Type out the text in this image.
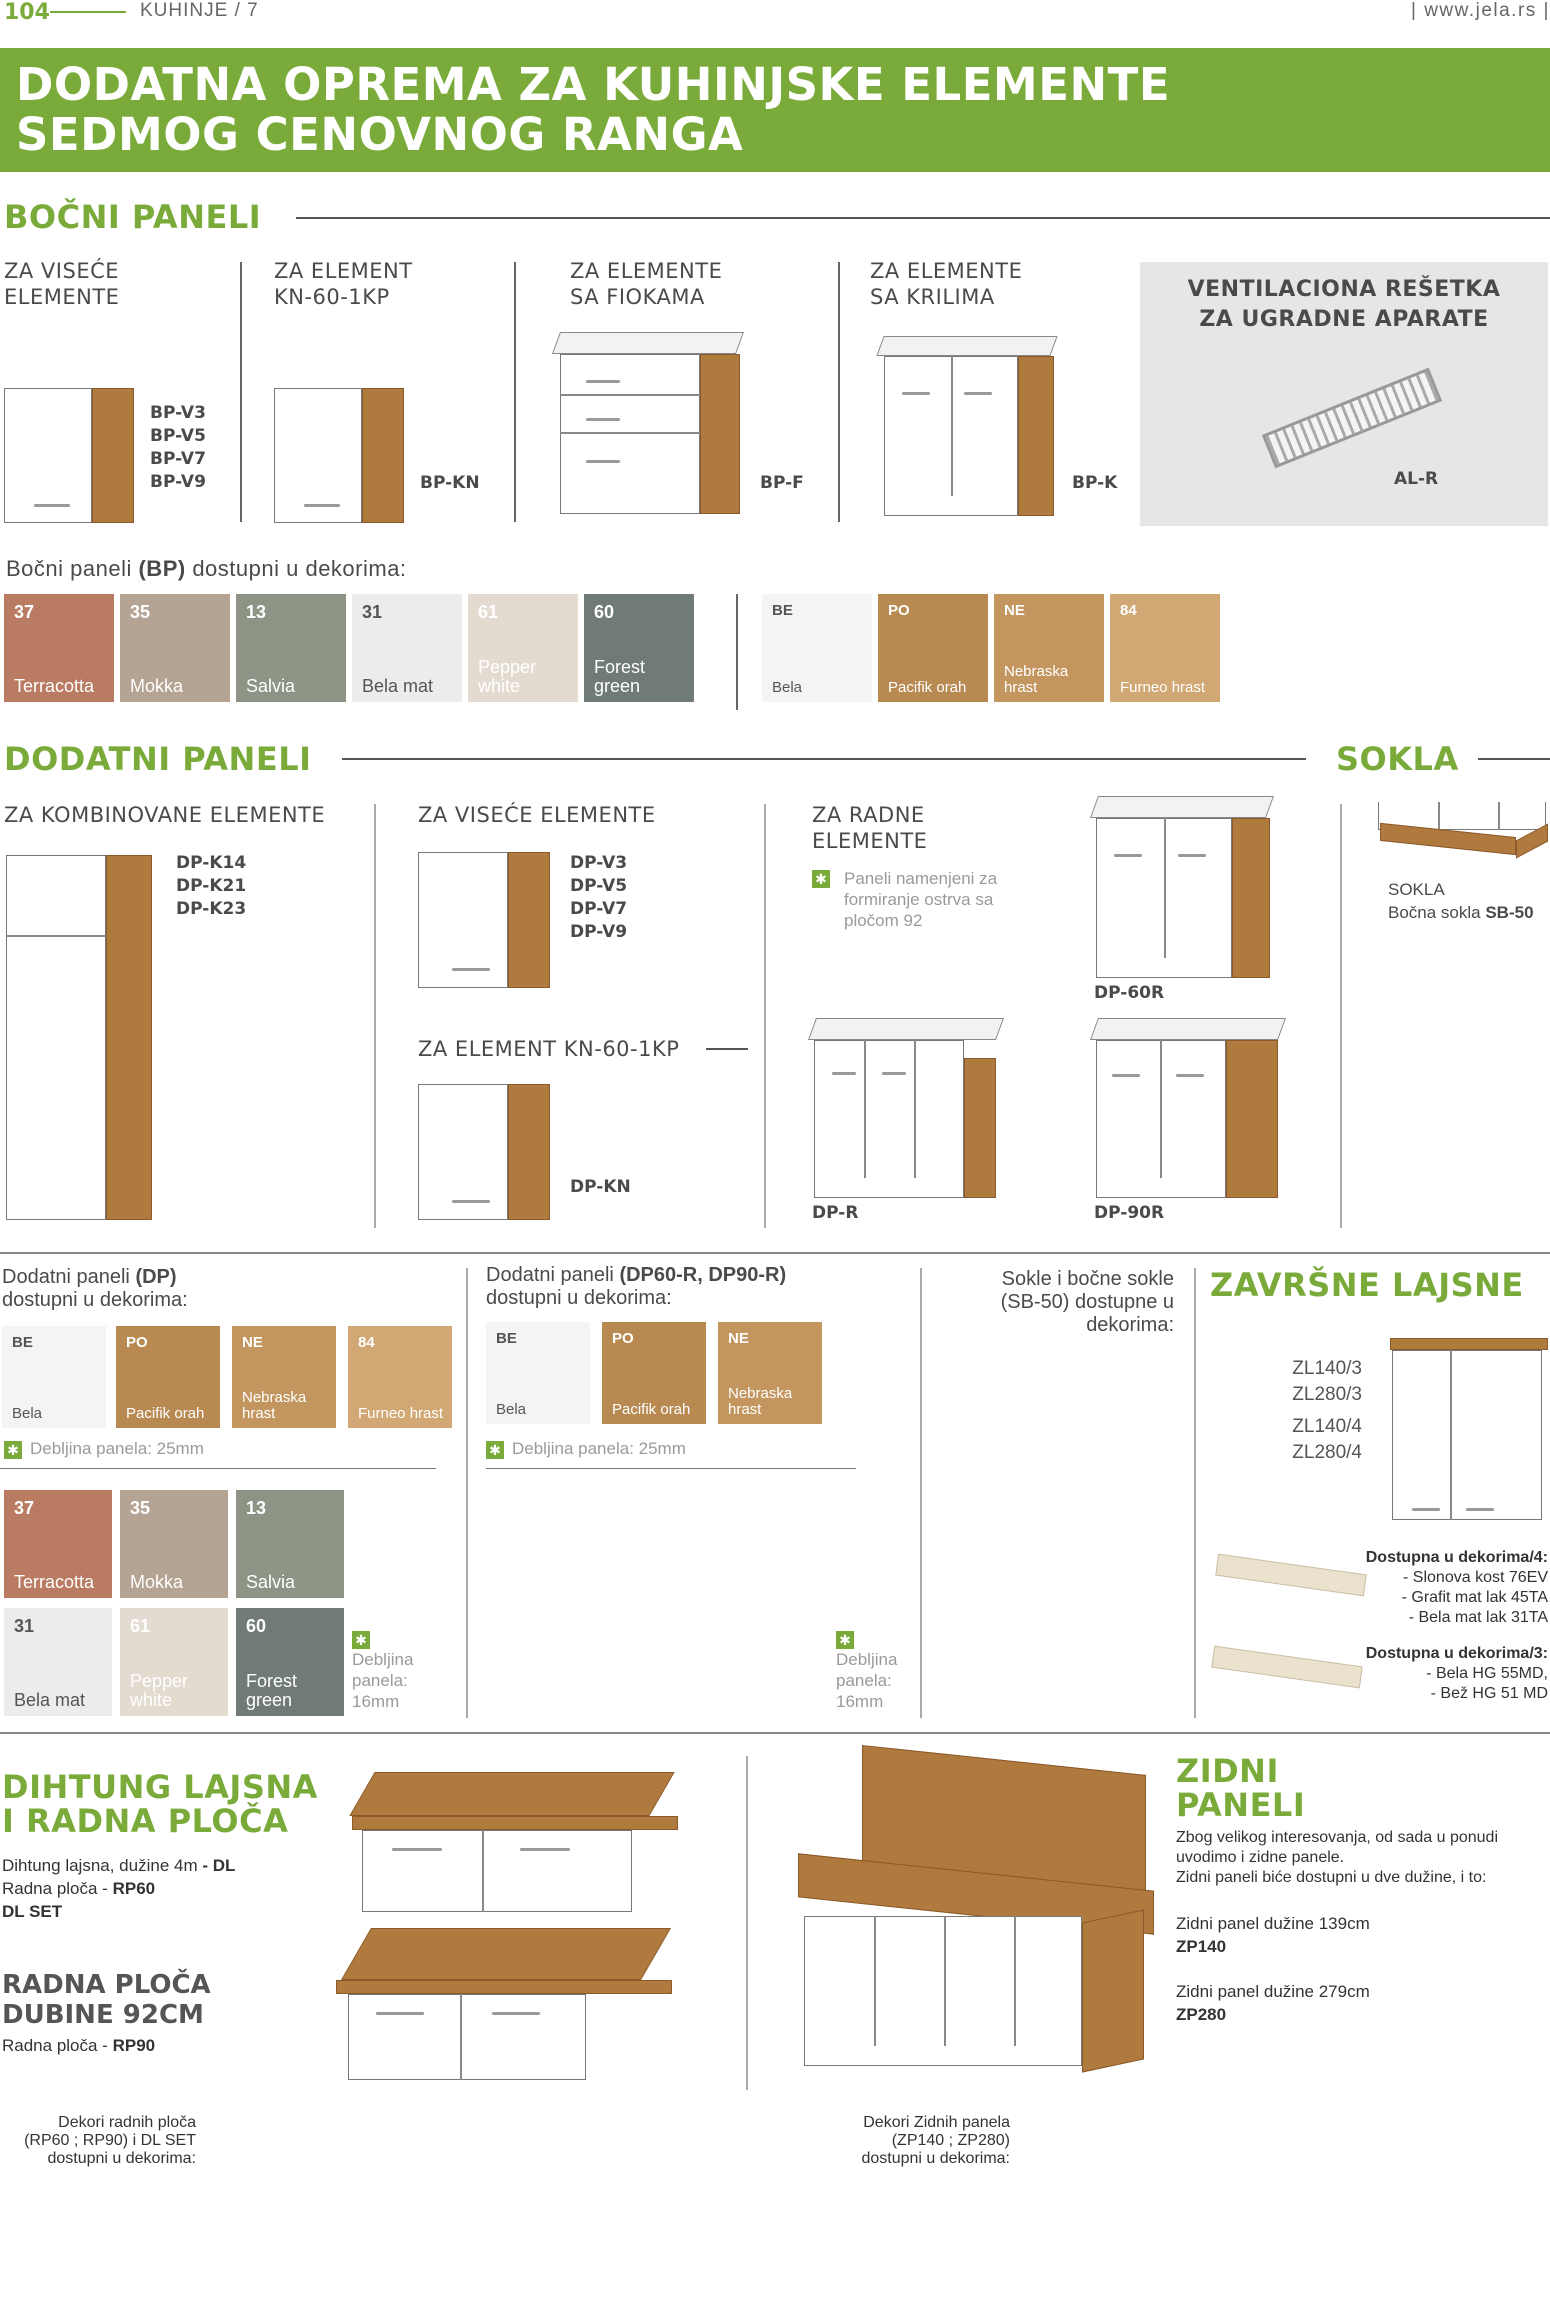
104	KUHINJE / 7	| www.jela.rs |
DODATNA OPREMA ZA KUHINJSKE ELEMENTE
SEDMOG CENOVNOG RANGA
BOČNI PANELI
ZA VISEĆE
ELEMENTE
ZA ELEMENT
KN-60-1KP
ZA ELEMENTE
SA FIOKAMA
ZA ELEMENTE
SA KRILIMA
BP-V3
BP-V5
BP-V7
BP-V9	BP-KN	BP-F	BP-K
VENTILACIONA REŠETKA
ZA UGRADNE APARATE
AL-R
Bočni paneli (BP) dostupni u dekorima:
37
Terracotta
35
Mokka
13
Salvia
31
Bela mat
61
Pepper white
60
Forest green
BE
Bela
PO
Pacifik orah
NE
Nebraska hrast
84
Furneo hrast
DODATNI PANELI	SOKLA
ZA KOMBINOVANE ELEMENTE	ZA VISEĆE ELEMENTE	ZA RADNE
ELEMENTE
DP-K14
DP-K21
DP-K23
DP-V3
DP-V5
DP-V7
DP-V9
ZA ELEMENT KN-60-1KP
DP-KN
✱ Paneli namenjeni za formiranje ostrva sa pločom 92
DP-60R
DP-R	DP-90R
SOKLA
Bočna sokla SB-50
Dodatni paneli (DP)
dostupni u dekorima:
BE
Bela
PO
Pacifik orah
NE
Nebraska hrast
84
Furneo hrast
✱ Debljina panela: 25mm
37
Terracotta
35
Mokka
13
Salvia
31
Bela mat
61
Pepper white
60
Forest green
✱
Debljina
panela:
16mm
Dodatni paneli (DP60-R, DP90-R)
dostupni u dekorima:
BE
Bela
PO
Pacifik orah
NE
Nebraska hrast
✱ Debljina panela: 25mm
✱
Debljina
panela:
16mm
Sokle i bočne sokle
(SB-50) dostupne u
dekorima:
ZAVRŠNE LAJSNE
ZL140/3
ZL280/3
ZL140/4
ZL280/4
Dostupna u dekorima/4:
- Slonova kost 76EV
- Grafit mat lak 45TA
- Bela mat lak 31TA
Dostupna u dekorima/3:
- Bela HG 55MD,
- Bež HG 51 MD
DIHTUNG LAJSNA
I RADNA PLOČA
Dihtung lajsna, dužine 4m - DL
Radna ploča - RP60
DL SET
RADNA PLOČA
DUBINE 92CM
Radna ploča - RP90
ZIDNI
PANELI
Zbog velikog interesovanja, od sada u ponudi
uvodimo i zidne panele.
Zidni paneli biće dostupni u dve dužine, i to:
Zidni panel dužine 139cm
ZP140
Zidni panel dužine 279cm
ZP280
Dekori radnih ploča
(RP60 ; RP90) i DL SET
dostupni u dekorima:
Dekori Zidnih panela
(ZP140 ; ZP280)
dostupni u dekorima:
